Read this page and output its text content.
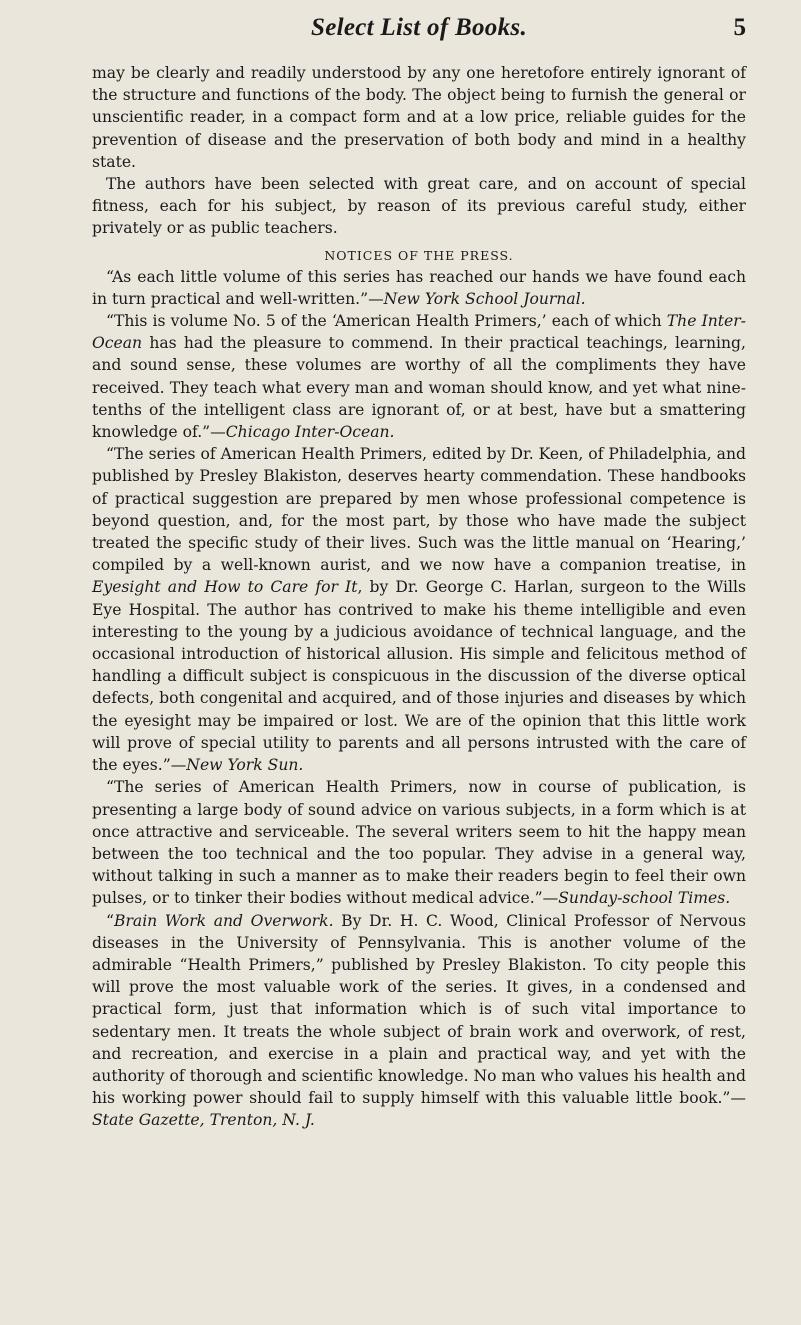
Select List of Books.	5

may be clearly and readily understood by any one heretofore entirely ignorant of the structure and functions of the body. The object being to furnish the general or unscientific reader, in a compact form and at a low price, reliable guides for the prevention of disease and the preservation of both body and mind in a healthy state.

The authors have been selected with great care, and on account of special fitness, each for his subject, by reason of its previous careful study, either privately or as public teachers.

NOTICES OF THE PRESS.

“As each little volume of this series has reached our hands we have found each in turn practical and well-written.”—New York School Journal.

“This is volume No. 5 of the ‘American Health Primers,’ each of which The Inter-Ocean has had the pleasure to commend. In their practical teachings, learning, and sound sense, these volumes are worthy of all the compliments they have received. They teach what every man and woman should know, and yet what nine-tenths of the intelligent class are ignorant of, or at best, have but a smattering knowledge of.”—Chicago Inter-Ocean.

“The series of American Health Primers, edited by Dr. Keen, of Philadelphia, and published by Presley Blakiston, deserves hearty commendation. These handbooks of practical suggestion are prepared by men whose professional competence is beyond question, and, for the most part, by those who have made the subject treated the specific study of their lives. Such was the little manual on ‘Hearing,’ compiled by a well-known aurist, and we now have a companion treatise, in Eyesight and How to Care for It, by Dr. George C. Harlan, surgeon to the Wills Eye Hospital. The author has contrived to make his theme intelligible and even interesting to the young by a judicious avoidance of technical language, and the occasional introduction of historical allusion. His simple and felicitous method of handling a difficult subject is conspicuous in the discussion of the diverse optical defects, both congenital and acquired, and of those injuries and diseases by which the eyesight may be impaired or lost. We are of the opinion that this little work will prove of special utility to parents and all persons intrusted with the care of the eyes.”—New York Sun.

“The series of American Health Primers, now in course of publication, is presenting a large body of sound advice on various subjects, in a form which is at once attractive and serviceable. The several writers seem to hit the happy mean between the too technical and the too popular. They advise in a general way, without talking in such a manner as to make their readers begin to feel their own pulses, or to tinker their bodies without medical advice.”—Sunday-school Times.

“Brain Work and Overwork. By Dr. H. C. Wood, Clinical Professor of Nervous diseases in the University of Pennsylvania. This is another volume of the admirable “Health Primers,” published by Presley Blakiston. To city people this will prove the most valuable work of the series. It gives, in a condensed and practical form, just that information which is of such vital importance to sedentary men. It treats the whole subject of brain work and overwork, of rest, and recreation, and exercise in a plain and practical way, and yet with the authority of thorough and scientific knowledge. No man who values his health and his working power should fail to supply himself with this valuable little book.”—State Gazette, Trenton, N. J.
